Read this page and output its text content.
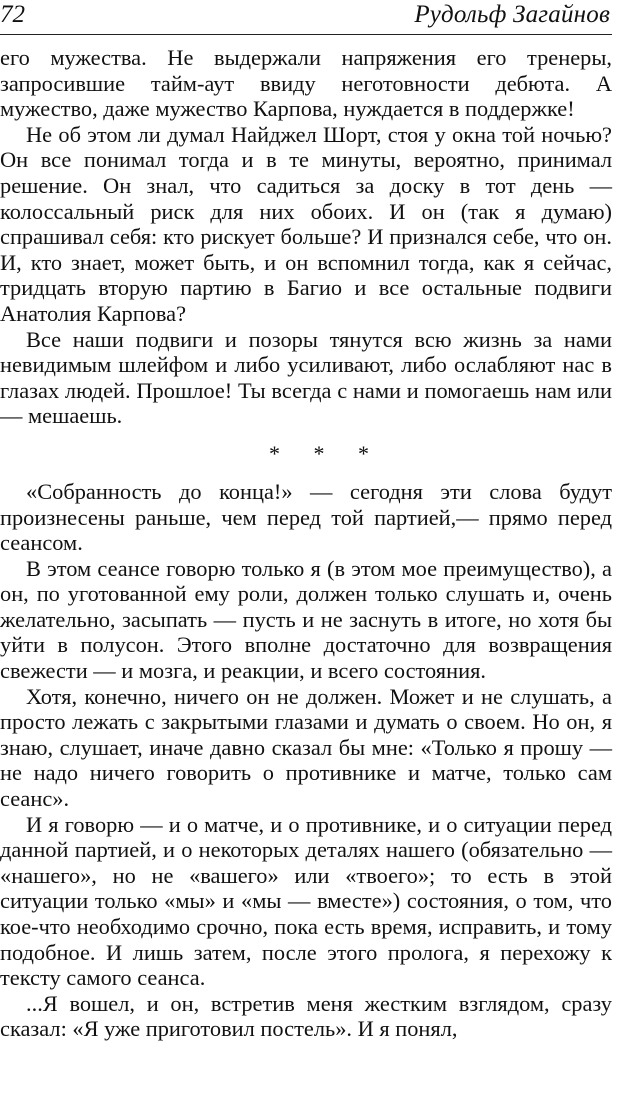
72	Рудольф Загайнов

его мужества. Не выдержали напряжения его тренеры, запросившие тайм-аут ввиду неготовности дебюта. А мужество, даже мужество Карпова, нуждается в поддержке!

Не об этом ли думал Найджел Шорт, стоя у окна той ночью? Он все понимал тогда и в те минуты, вероятно, принимал решение. Он знал, что садиться за доску в тот день — колоссальный риск для них обоих. И он (так я думаю) спрашивал себя: кто рискует больше? И признался себе, что он. И, кто знает, может быть, и он вспомнил тогда, как я сейчас, тридцать вторую партию в Багио и все остальные подвиги Анатолия Карпова?

Все наши подвиги и позоры тянутся всю жизнь за нами невидимым шлейфом и либо усиливают, либо ослабляют нас в глазах людей. Прошлое! Ты всегда с нами и помогаешь нам или — мешаешь.

* * *

«Собранность до конца!» — сегодня эти слова будут произнесены раньше, чем перед той партией,— прямо перед сеансом.

В этом сеансе говорю только я (в этом мое преимущество), а он, по уготованной ему роли, должен только слушать и, очень желательно, засыпать — пусть и не заснуть в итоге, но хотя бы уйти в полусон. Этого вполне достаточно для возвращения свежести — и мозга, и реакции, и всего состояния.

Хотя, конечно, ничего он не должен. Может и не слушать, а просто лежать с закрытыми глазами и думать о своем. Но он, я знаю, слушает, иначе давно сказал бы мне: «Только я прошу — не надо ничего говорить о противнике и матче, только сам сеанс».

И я говорю — и о матче, и о противнике, и о ситуации перед данной партией, и о некоторых деталях нашего (обязательно — «нашего», но не «вашего» или «твоего»; то есть в этой ситуации только «мы» и «мы — вместе») состояния, о том, что кое-что необходимо срочно, пока есть время, исправить, и тому подобное. И лишь затем, после этого пролога, я перехожу к тексту самого сеанса.

...Я вошел, и он, встретив меня жестким взглядом, сразу сказал: «Я уже приготовил постель». И я понял,
